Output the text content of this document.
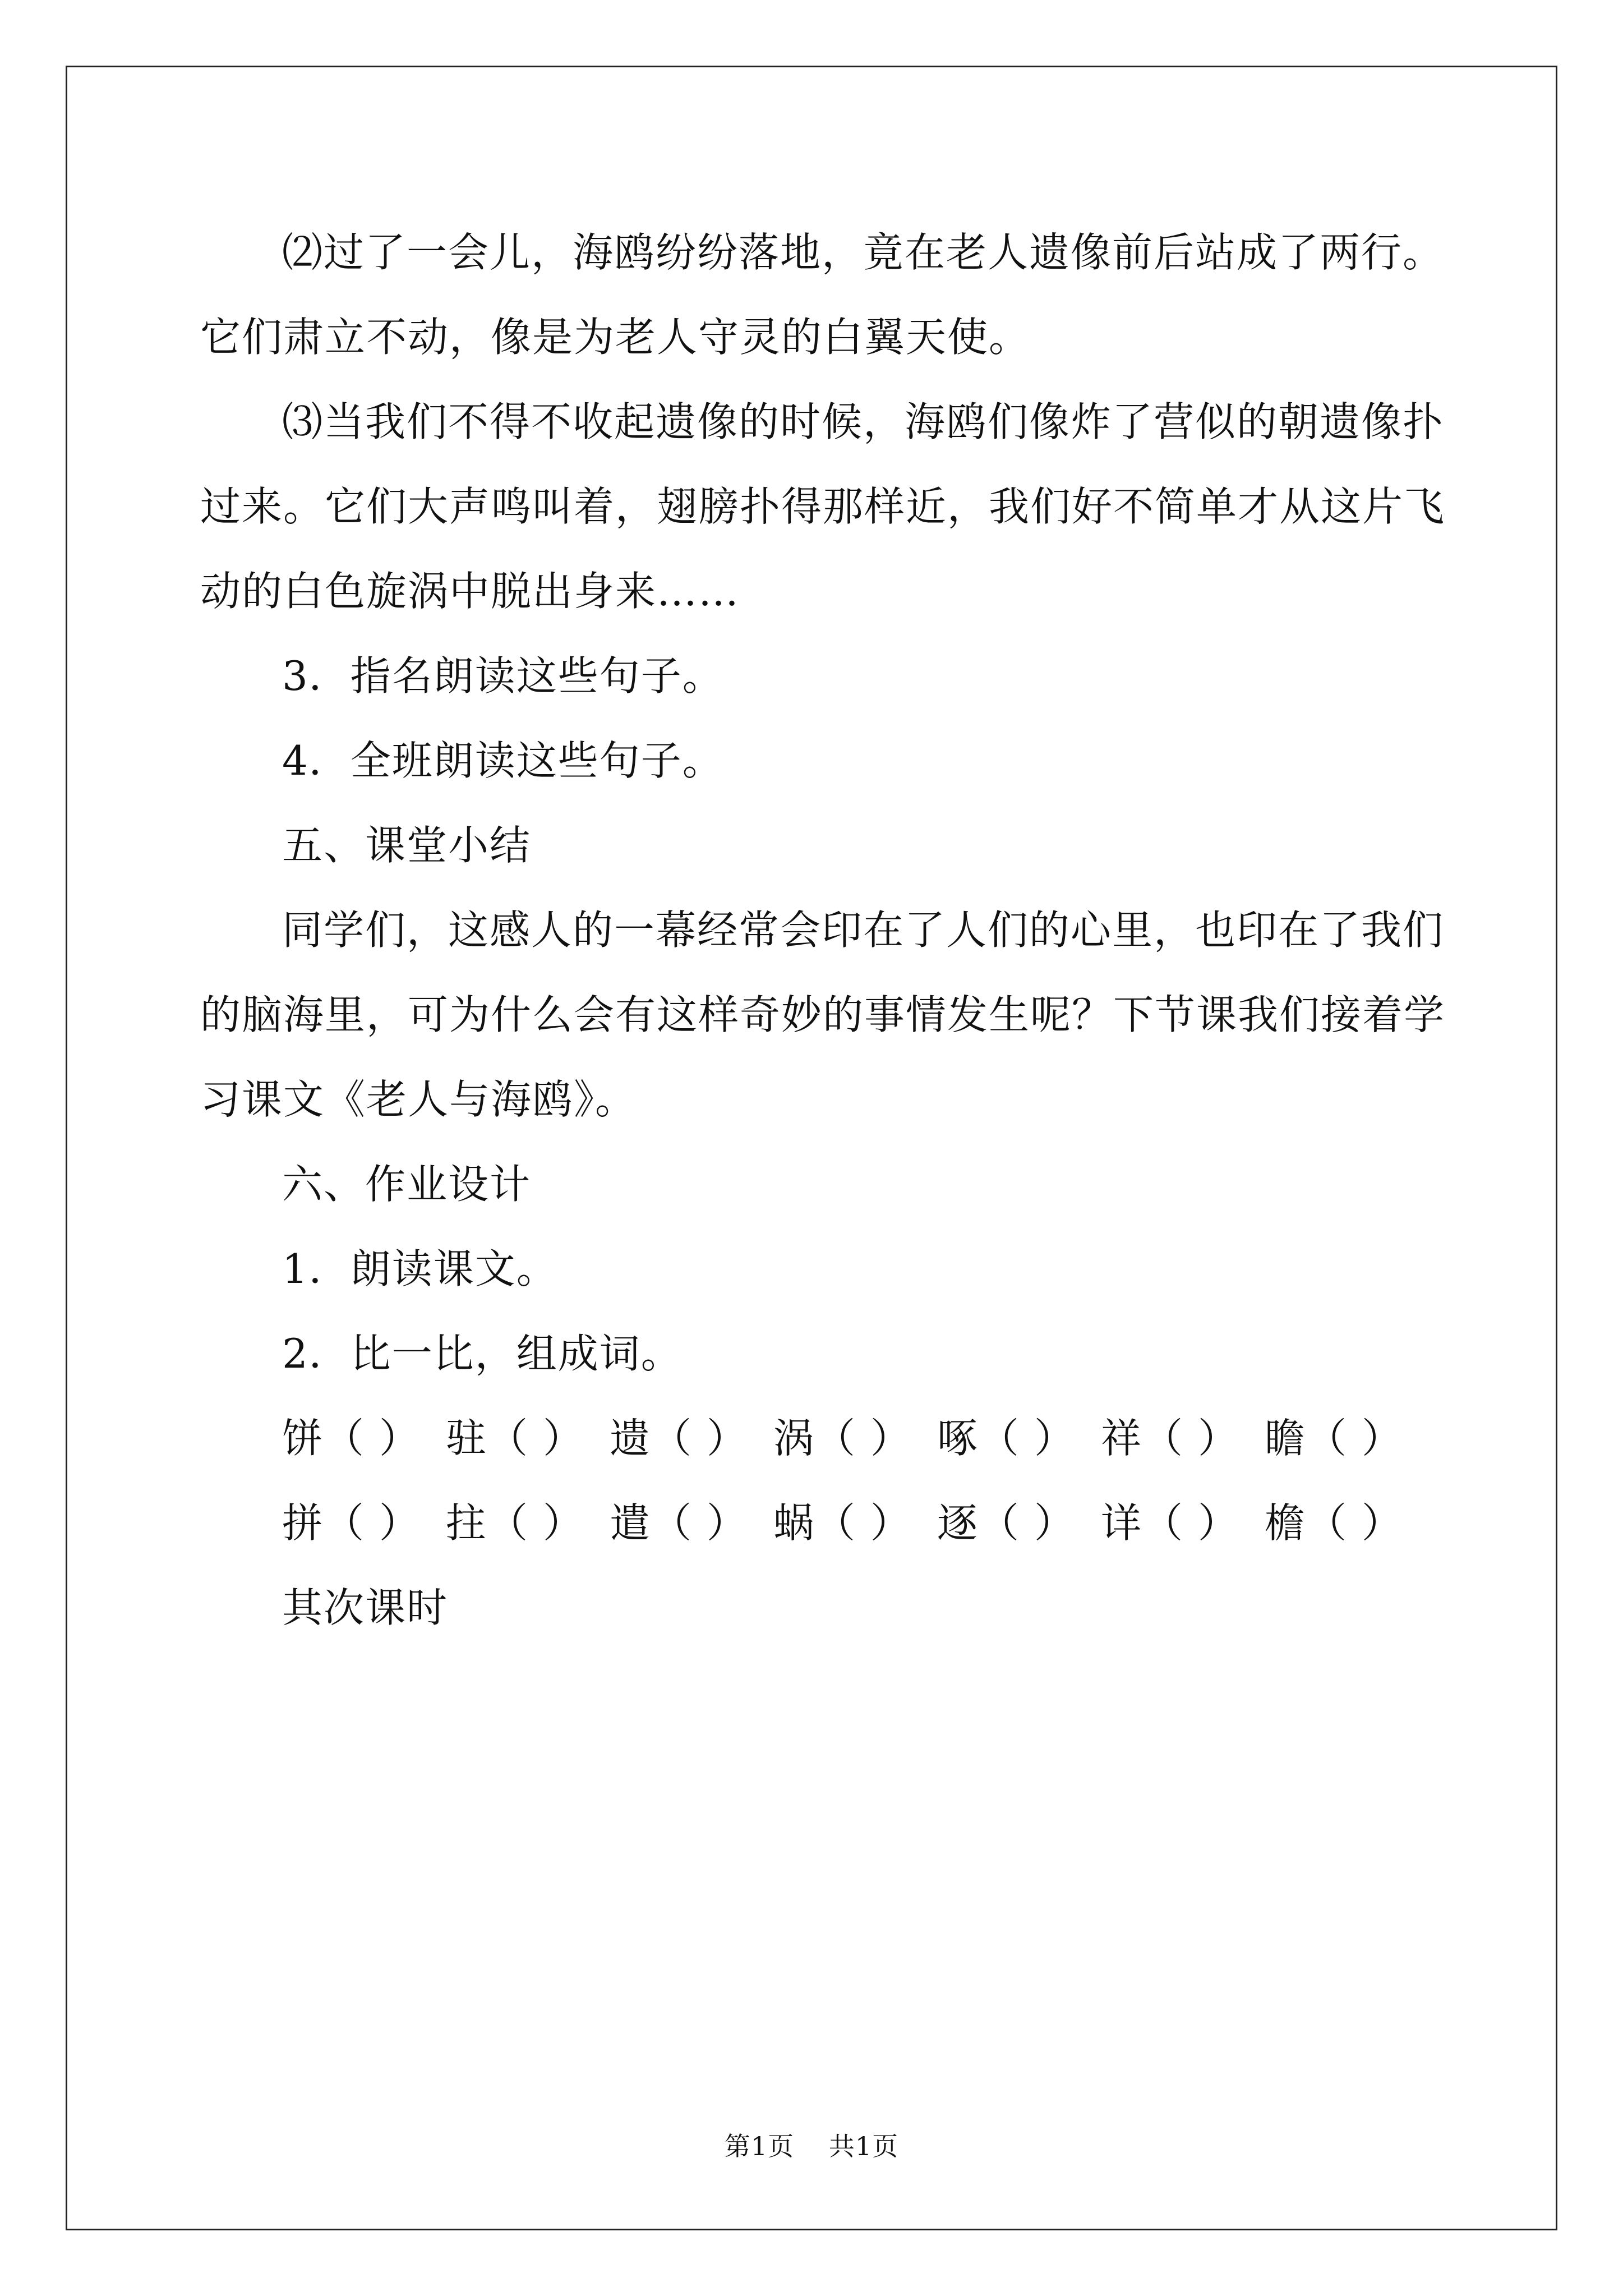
⑵过了一会儿，海鸥纷纷落地，竟在老人遗像前后站成了两行。
它们肃立不动，像是为老人守灵的白翼天使。
⑶当我们不得不收起遗像的时候，海鸥们像炸了营似的朝遗像扑
过来。它们大声鸣叫着，翅膀扑得那样近，我们好不简单才从这片飞
动的白色旋涡中脱出身来……
3．指名朗读这些句子。
4．全班朗读这些句子。
五、课堂小结
同学们，这感人的一幕经常会印在了人们的心里，也印在了我们
的脑海里，可为什么会有这样奇妙的事情发生呢？下节课我们接着学
习课文《老人与海鸥》。
六、作业设计
1．朗读课文。
2．比一比，组成词。
饼（ ） 驻（ ） 遗（ ） 涡（ ） 啄（ ） 祥（ ） 瞻（ ）
拼（ ） 拄（ ） 遣（ ） 蜗（ ） 逐（ ） 详（ ） 檐（ ）
其次课时
第1页 共1页
